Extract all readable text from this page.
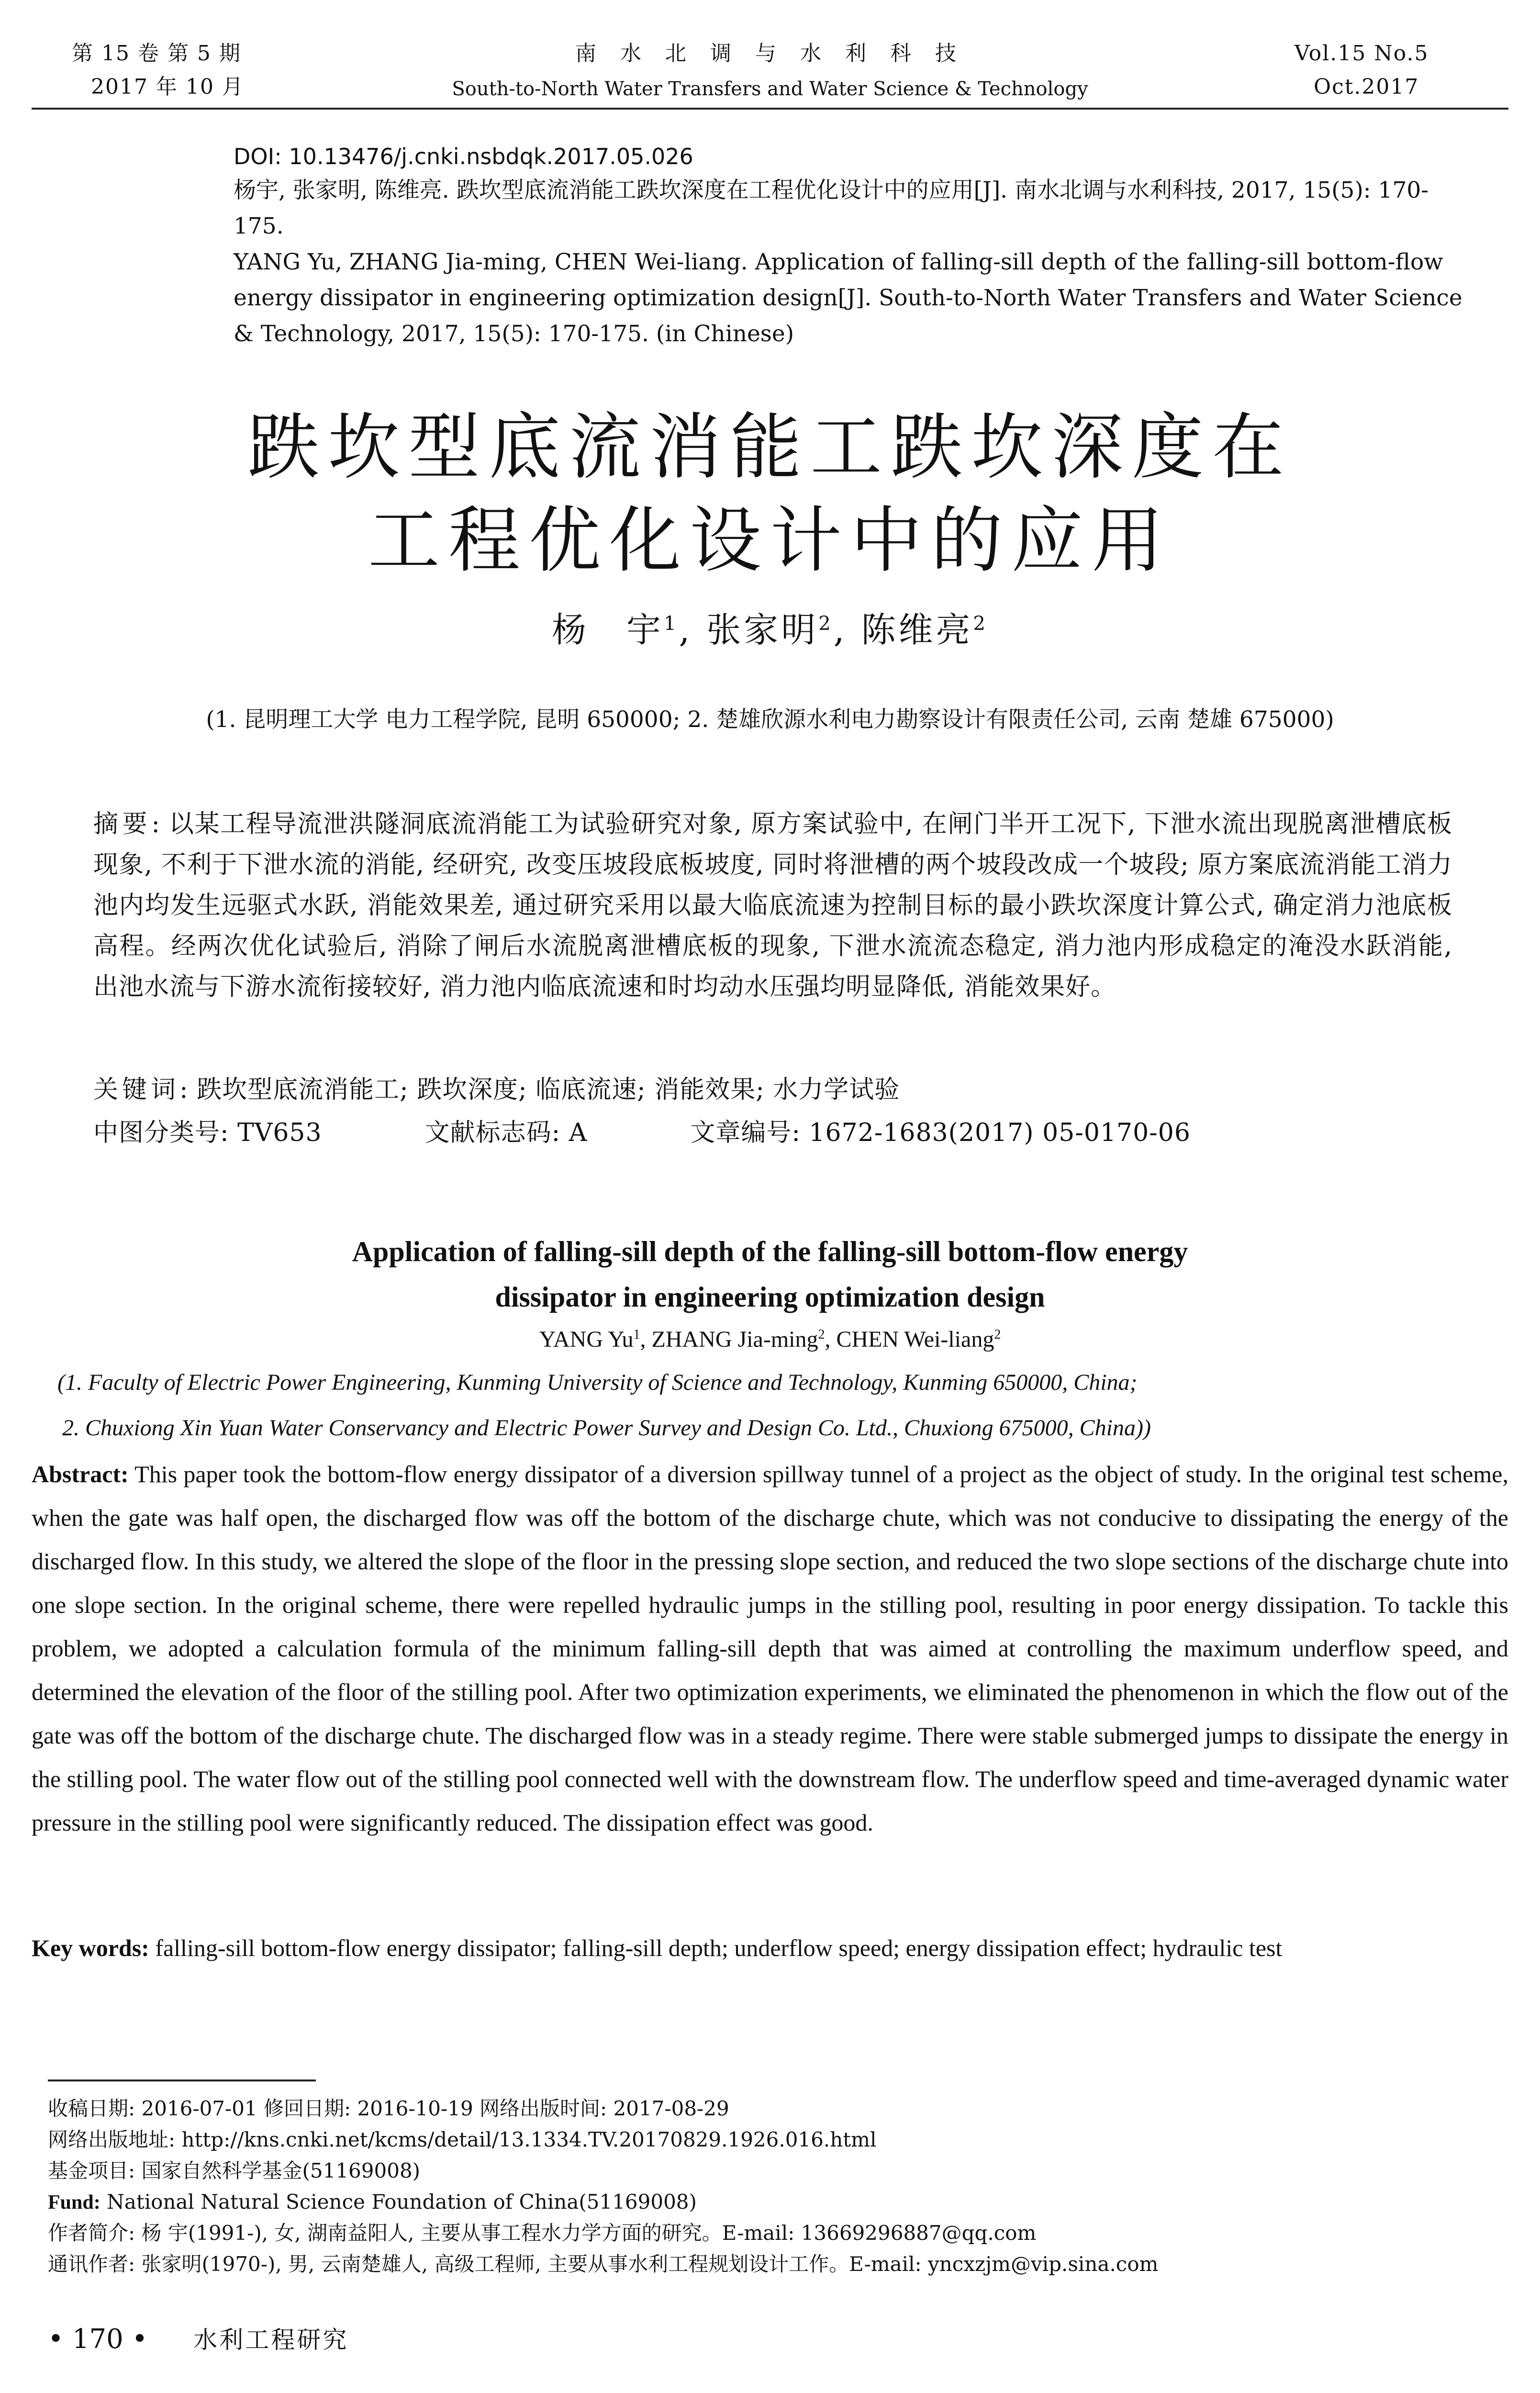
第 15 卷 第 5 期
2017 年 10 月
南 水 北 调 与 水 利 科 技
South-to-North Water Transfers and Water Science & Technology
Vol.15 No.5
Oct.2017
DOI: 10.13476/j.cnki.nsbdqk.2017.05.026
杨宇, 张家明, 陈维亮. 跌坎型底流消能工跌坎深度在工程优化设计中的应用[J]. 南水北调与水利科技, 2017, 15(5): 170-175.
YANG Yu, ZHANG Jia-ming, CHEN Wei-liang. Application of falling-sill depth of the falling-sill bottom-flow energy dissipator in engineering optimization design[J]. South-to-North Water Transfers and Water Science & Technology, 2017, 15(5): 170-175. (in Chinese)
跌坎型底流消能工跌坎深度在
工程优化设计中的应用
杨　宇$^1$, 张家明$^2$, 陈维亮$^2$
(1. 昆明理工大学 电力工程学院, 昆明 650000; 2. 楚雄欣源水利电力勘察设计有限责任公司, 云南 楚雄 675000)
摘要: 以某工程导流泄洪隧洞底流消能工为试验研究对象, 原方案试验中, 在闸门半开工况下, 下泄水流出现脱离泄槽底板现象, 不利于下泄水流的消能, 经研究, 改变压坡段底板坡度, 同时将泄槽的两个坡段改成一个坡段; 原方案底流消能工消力池内均发生远驱式水跃, 消能效果差, 通过研究采用以最大临底流速为控制目标的最小跌坎深度计算公式, 确定消力池底板高程。经两次优化试验后, 消除了闸后水流脱离泄槽底板的现象, 下泄水流流态稳定, 消力池内形成稳定的淹没水跃消能, 出池水流与下游水流衔接较好, 消力池内临底流速和时均动水压强均明显降低, 消能效果好。
关键词: 跌坎型底流消能工; 跌坎深度; 临底流速; 消能效果; 水力学试验
中图分类号: TV653	文献标志码: A	文章编号: 1672-1683(2017) 05-0170-06
Application of falling-sill depth of the falling-sill bottom-flow energy
dissipator in engineering optimization design
YANG Yu$^1$, ZHANG Jia-ming$^2$, CHEN Wei-liang$^2$
(1. Faculty of Electric Power Engineering, Kunming University of Science and Technology, Kunming 650000, China;
2. Chuxiong Xin Yuan Water Conservancy and Electric Power Survey and Design Co. Ltd., Chuxiong 675000, China))
Abstract: This paper took the bottom-flow energy dissipator of a diversion spillway tunnel of a project as the object of study. In the original test scheme, when the gate was half open, the discharged flow was off the bottom of the discharge chute, which was not conducive to dissipating the energy of the discharged flow. In this study, we altered the slope of the floor in the pressing slope section, and reduced the two slope sections of the discharge chute into one slope section. In the original scheme, there were repelled hydraulic jumps in the stilling pool, resulting in poor energy dissipation. To tackle this problem, we adopted a calculation formula of the minimum falling-sill depth that was aimed at controlling the maximum underflow speed, and determined the elevation of the floor of the stilling pool. After two optimization experiments, we eliminated the phenomenon in which the flow out of the gate was off the bottom of the discharge chute. The discharged flow was in a steady regime. There were stable submerged jumps to dissipate the energy in the stilling pool. The water flow out of the stilling pool connected well with the downstream flow. The underflow speed and time-averaged dynamic water pressure in the stilling pool were significantly reduced. The dissipation effect was good.
Key words: falling-sill bottom-flow energy dissipator; falling-sill depth; underflow speed; energy dissipation effect; hydraulic test
收稿日期: 2016-07-01 修回日期: 2016-10-19 网络出版时间: 2017-08-29
网络出版地址: http://kns.cnki.net/kcms/detail/13.1334.TV.20170829.1926.016.html
基金项目: 国家自然科学基金(51169008)
Fund: National Natural Science Foundation of China(51169008)
作者简介: 杨 宇(1991-), 女, 湖南益阳人, 主要从事工程水力学方面的研究。E-mail: 13669296887@qq.com
通讯作者: 张家明(1970-), 男, 云南楚雄人, 高级工程师, 主要从事水利工程规划设计工作。E-mail: yncxzjm@vip.sina.com
• 170 • 水利工程研究
